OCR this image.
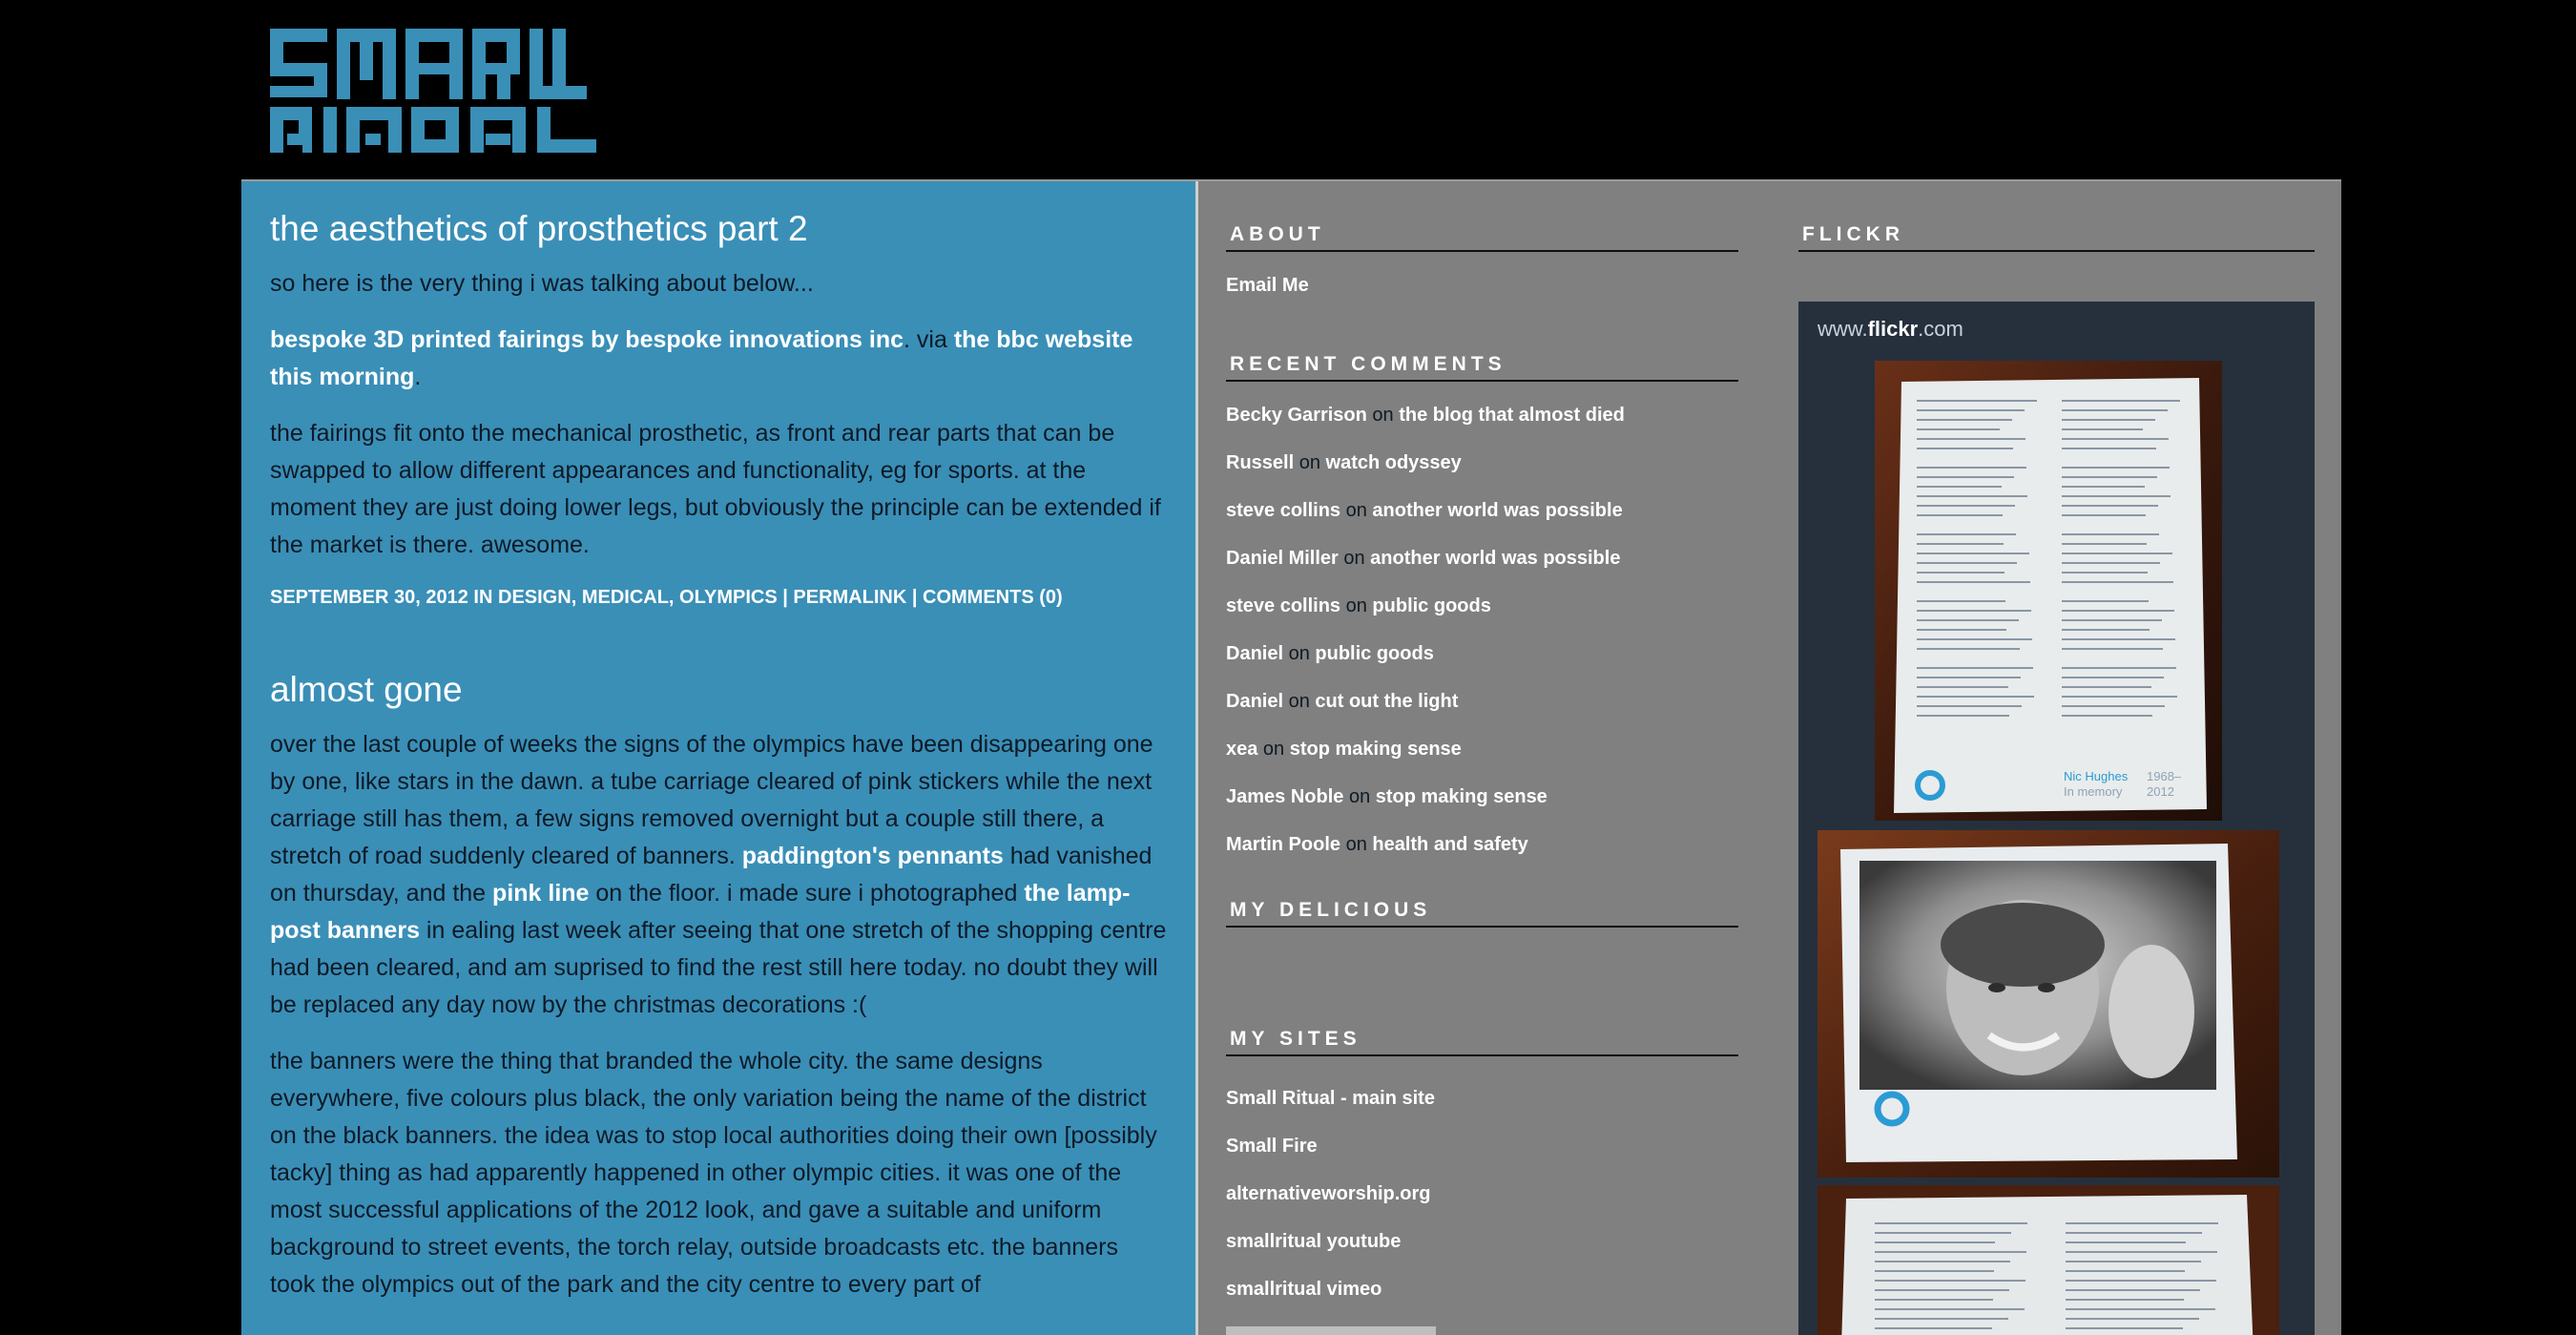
the aesthetics of prosthetics part 2

so here is the very thing i was talking about below...

bespoke 3D printed fairings by bespoke innovations inc. via the bbc website this morning.

the fairings fit onto the mechanical prosthetic, as front and rear parts that can be swapped to allow different appearances and functionality, eg for sports. at the moment they are just doing lower legs, but obviously the principle can be extended if the market is there. awesome.

SEPTEMBER 30, 2012 IN DESIGN, MEDICAL, OLYMPICS | PERMALINK | COMMENTS (0)
almost gone

over the last couple of weeks the signs of the olympics have been disappearing one by one, like stars in the dawn. a tube carriage cleared of pink stickers while the next carriage still has them, a few signs removed overnight but a couple still there, a stretch of road suddenly cleared of banners. paddington's pennants had vanished on thursday, and the pink line on the floor. i made sure i photographed the lamp-post banners in ealing last week after seeing that one stretch of the shopping centre had been cleared, and am suprised to find the rest still here today. no doubt they will be replaced any day now by the christmas decorations :(

the banners were the thing that branded the whole city. the same designs everywhere, five colours plus black, the only variation being the name of the district on the black banners. the idea was to stop local authorities doing their own [possibly tacky] thing as had apparently happened in other olympic cities. it was one of the most successful applications of the 2012 look, and gave a suitable and uniform background to street events, the torch relay, outside broadcasts etc. the banners took the olympics out of the park and the city centre to every part of

ABOUT
Email Me
RECENT COMMENTS
Becky Garrison on the blog that almost died
Russell on watch odyssey
steve collins on another world was possible
Daniel Miller on another world was possible
steve collins on public goods
Daniel on public goods
Daniel on cut out the light
xea on stop making sense
James Noble on stop making sense
Martin Poole on health and safety
MY DELICIOUS
MY SITES
Small Ritual - main site
Small Fire
alternativeworship.org
smallritual youtube
smallritual vimeo
FLICKR
www.flickr.com
Nic Hughes
In memory
1968–
2012
